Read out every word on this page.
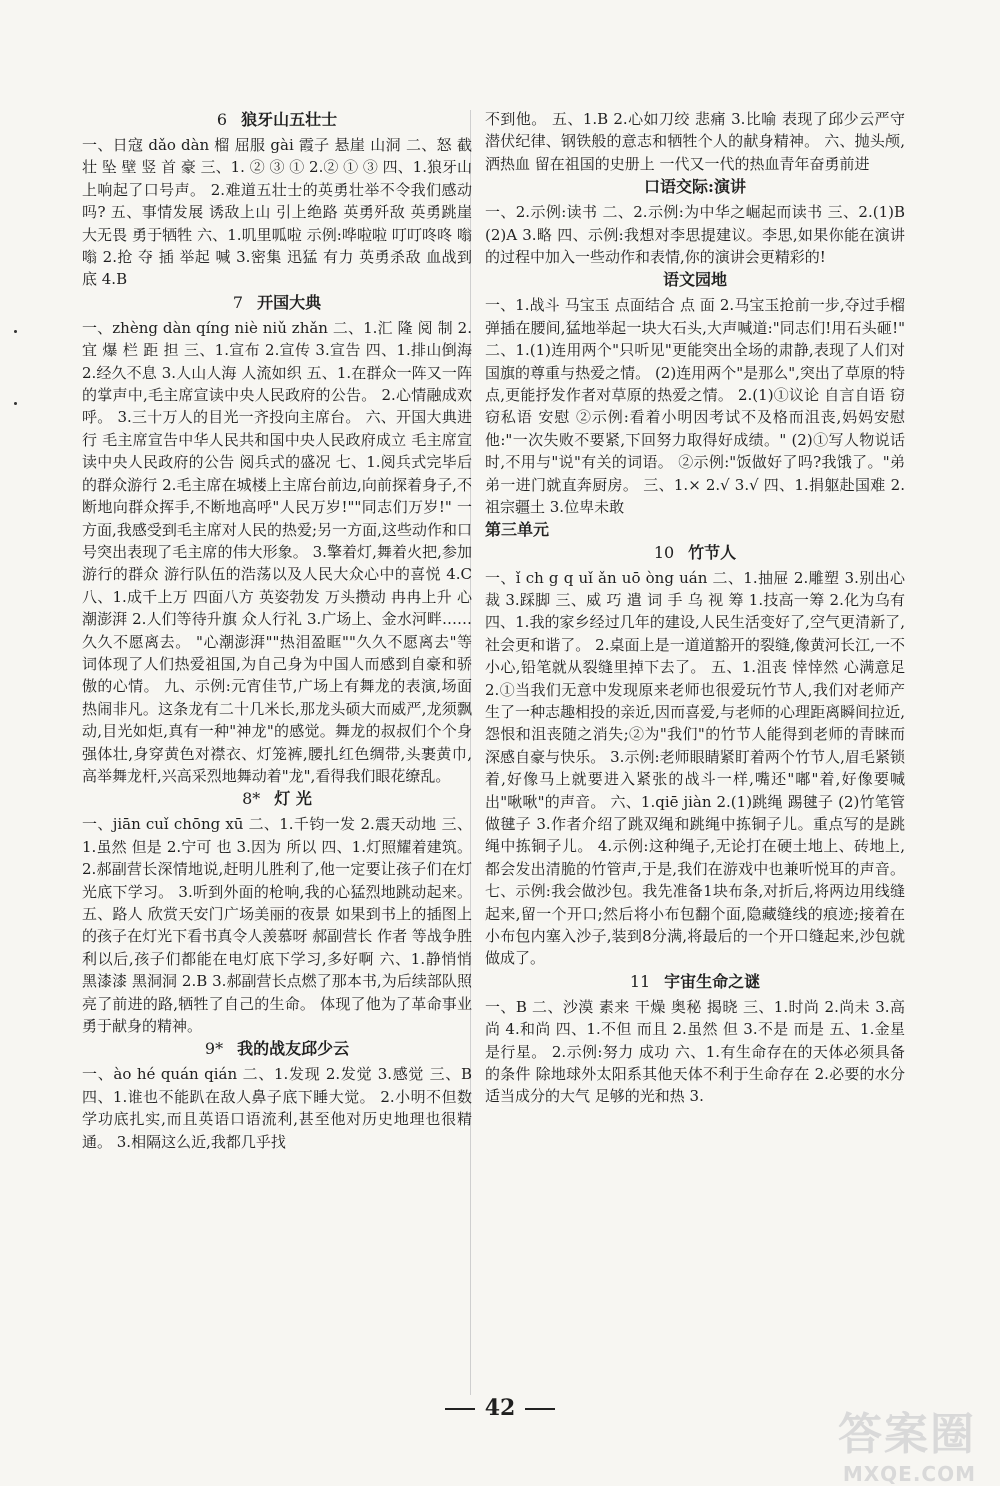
6 狼牙山五壮士
一、日寇 dǎo dàn 榴 屈服 gài 霞子 悬崖 山洞 二、怒 截 壮 坠 壁 竖 首 豪 三、1. ② ③ ① 2.② ① ③ 四、1.狼牙山上响起了口号声。 2.难道五壮士的英勇壮举不令我们感动吗? 五、事情发展 诱敌上山 引上绝路 英勇歼敌 英勇跳崖 大无畏 勇于牺牲 六、1.叽里呱啦 示例:哗啦啦 叮叮咚咚 嗡嗡 2.抢 夺 插 举起 喊 3.密集 迅猛 有力 英勇杀敌 血战到底 4.B
7 开国大典
一、zhèng dàn qíng niè niǔ zhǎn 二、1.汇 隆 阅 制 2.宜 爆 栏 距 担 三、1.宣布 2.宣传 3.宣告 四、1.排山倒海 2.经久不息 3.人山人海 人流如织 五、1.在群众一阵又一阵的掌声中,毛主席宣读中央人民政府的公告。 2.心情融成欢呼。 3.三十万人的目光一齐投向主席台。 六、开国大典进行 毛主席宣告中华人民共和国中央人民政府成立 毛主席宣读中央人民政府的公告 阅兵式的盛况 七、1.阅兵式完毕后的群众游行 2.毛主席在城楼上主席台前边,向前探着身子,不断地向群众挥手,不断地高呼"人民万岁!""同志们万岁!" 一方面,我感受到毛主席对人民的热爱;另一方面,这些动作和口号突出表现了毛主席的伟大形象。 3.擎着灯,舞着火把,参加游行的群众 游行队伍的浩荡以及人民大众心中的喜悦 4.C 八、1.成千上万 四面八方 英姿勃发 万头攒动 冉冉上升 心潮澎湃 2.人们等待升旗 众人行礼 3.广场上、金水河畔……久久不愿离去。 "心潮澎湃""热泪盈眶""久久不愿离去"等词体现了人们热爱祖国,为自己身为中国人而感到自豪和骄傲的心情。 九、示例:元宵佳节,广场上有舞龙的表演,场面热闹非凡。这条龙有二十几米长,那龙头硕大而威严,龙须飘动,目光如炬,真有一种"神龙"的感觉。舞龙的叔叔们个个身强体壮,身穿黄色对襟衣、灯笼裤,腰扎红色绸带,头裹黄巾,高举舞龙杆,兴高采烈地舞动着"龙",看得我们眼花缭乱。
8* 灯 光
一、jiān cuǐ chōng xū 二、1.千钧一发 2.震天动地 三、1.虽然 但是 2.宁可 也 3.因为 所以 四、1.灯照耀着建筑。 2.郝副营长深情地说,赶明儿胜利了,他一定要让孩子们在灯光底下学习。 3.听到外面的枪响,我的心猛烈地跳动起来。 五、路人 欣赏天安门广场美丽的夜景 如果到书上的插图上的孩子在灯光下看书真令人羡慕呀 郝副营长 作者 等战争胜利以后,孩子们都能在电灯底下学习,多好啊 六、1.静悄悄 黑漆漆 黑洞洞 2.B 3.郝副营长点燃了那本书,为后续部队照亮了前进的路,牺牲了自己的生命。 体现了他为了革命事业勇于献身的精神。
9* 我的战友邱少云
一、ào hé quán qián 二、1.发现 2.发觉 3.感觉 三、B 四、1.谁也不能趴在敌人鼻子底下睡大觉。 2.小明不但数学功底扎实,而且英语口语流利,甚至他对历史地理也很精通。 3.相隔这么近,我都几乎找
不到他。 五、1.B 2.心如刀绞 悲痛 3.比喻 表现了邱少云严守潜伏纪律、钢铁般的意志和牺牲个人的献身精神。 六、抛头颅,洒热血 留在祖国的史册上 一代又一代的热血青年奋勇前进
口语交际:演讲
一、2.示例:读书 二、2.示例:为中华之崛起而读书 三、2.(1)B (2)A 3.略 四、示例:我想对李思提建议。李思,如果你能在演讲的过程中加入一些动作和表情,你的演讲会更精彩的!
语文园地
一、1.战斗 马宝玉 点面结合 点 面 2.马宝玉抢前一步,夺过手榴弹插在腰间,猛地举起一块大石头,大声喊道:"同志们!用石头砸!" 二、1.(1)连用两个"只听见"更能突出全场的肃静,表现了人们对国旗的尊重与热爱之情。 (2)连用两个"是那么",突出了草原的特点,更能抒发作者对草原的热爱之情。 2.(1)①议论 自言自语 窃窃私语 安慰 ②示例:看着小明因考试不及格而沮丧,妈妈安慰他:"一次失败不要紧,下回努力取得好成绩。" (2)①写人物说话时,不用与"说"有关的词语。 ②示例:"饭做好了吗?我饿了。"弟弟一进门就直奔厨房。 三、1.× 2.√ 3.√ 四、1.捐躯赴国难 2.祖宗疆土 3.位卑未敢
第三单元
10 竹节人
一、ǐ ch g q uǐ ǎn uō òng uán 二、1.抽屉 2.雕塑 3.别出心裁 3.踩脚 三、威 巧 遣 词 手 乌 视 筹 1.技高一筹 2.化为乌有 四、1.我的家乡经过几年的建设,人民生活变好了,空气更清新了,社会更和谐了。 2.桌面上是一道道豁开的裂缝,像黄河长江,一不小心,铅笔就从裂缝里掉下去了。 五、1.沮丧 悻悻然 心满意足 2.①当我们无意中发现原来老师也很爱玩竹节人,我们对老师产生了一种志趣相投的亲近,因而喜爱,与老师的心理距离瞬间拉近,怨恨和沮丧随之消失;②为"我们"的竹节人能得到老师的青睐而深感自豪与快乐。 3.示例:老师眼睛紧盯着两个竹节人,眉毛紧锁着,好像马上就要进入紧张的战斗一样,嘴还"嘟"着,好像要喊出"啾啾"的声音。 六、1.qiē jiàn 2.(1)跳绳 踢毽子 (2)竹笔管做毽子 3.作者介绍了跳双绳和跳绳中拣铜子儿。重点写的是跳绳中拣铜子儿。 4.示例:这种绳子,无论打在硬土地上、砖地上,都会发出清脆的竹管声,于是,我们在游戏中也兼听悦耳的声音。 七、示例:我会做沙包。我先准备1块布条,对折后,将两边用线缝起来,留一个开口;然后将小布包翻个面,隐藏缝线的痕迹;接着在小布包内塞入沙子,装到8分满,将最后的一个开口缝起来,沙包就做成了。
11 宇宙生命之谜
一、B 二、沙漠 素来 干燥 奥秘 揭晓 三、1.时尚 2.尚未 3.高尚 4.和尚 四、1.不但 而且 2.虽然 但 3.不是 而是 五、1.金星是行星。 2.示例:努力 成功 六、1.有生命存在的天体必须具备的条件 除地球外太阳系其他天体不利于生命存在 2.必要的水分 适当成分的大气 足够的光和热 3.
42
答案圈
MXQE.COM
